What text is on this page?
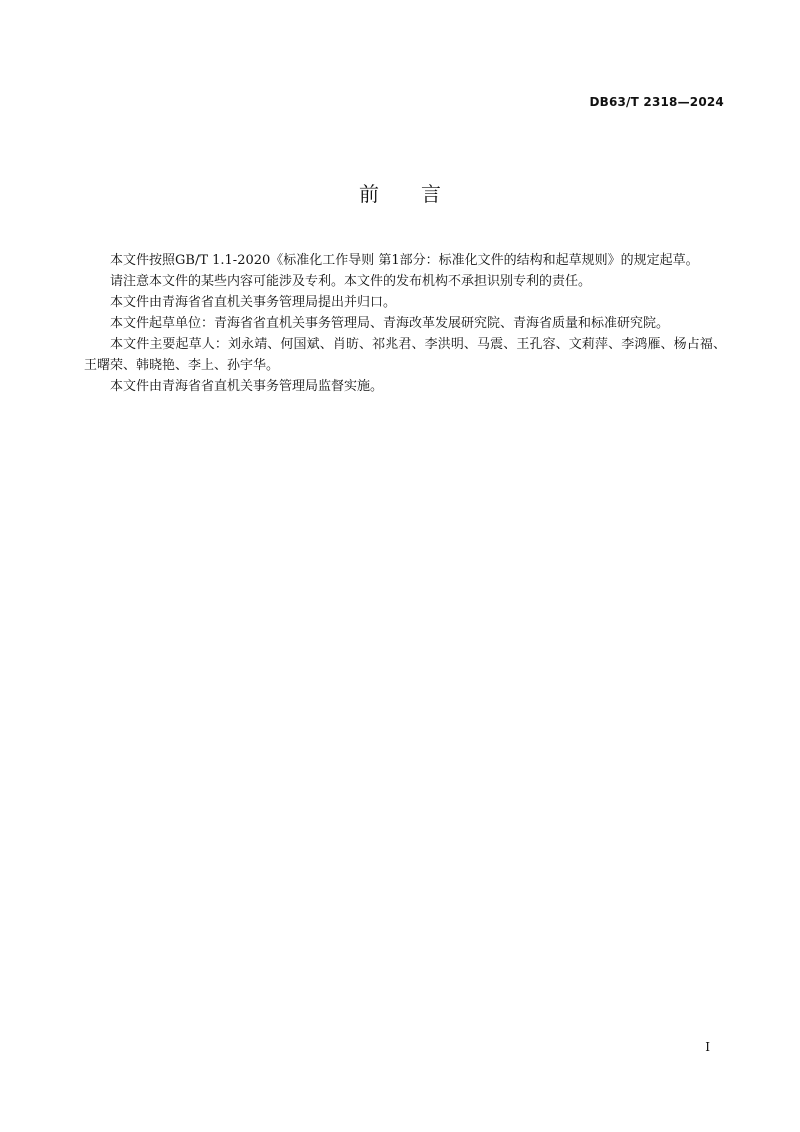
DB63/T 2318—2024
前言

本文件按照GB/T 1.1-2020《标准化工作导则 第1部分：标准化文件的结构和起草规则》的规定起草。

请注意本文件的某些内容可能涉及专利。本文件的发布机构不承担识别专利的责任。

本文件由青海省省直机关事务管理局提出并归口。

本文件起草单位：青海省省直机关事务管理局、青海改革发展研究院、青海省质量和标准研究院。

本文件主要起草人：刘永靖、何国斌、肖昉、祁兆君、李洪明、马震、王孔容、文莉萍、李鸿雁、杨占福、王曙荣、韩晓艳、李上、孙宇华。

本文件由青海省省直机关事务管理局监督实施。

I
